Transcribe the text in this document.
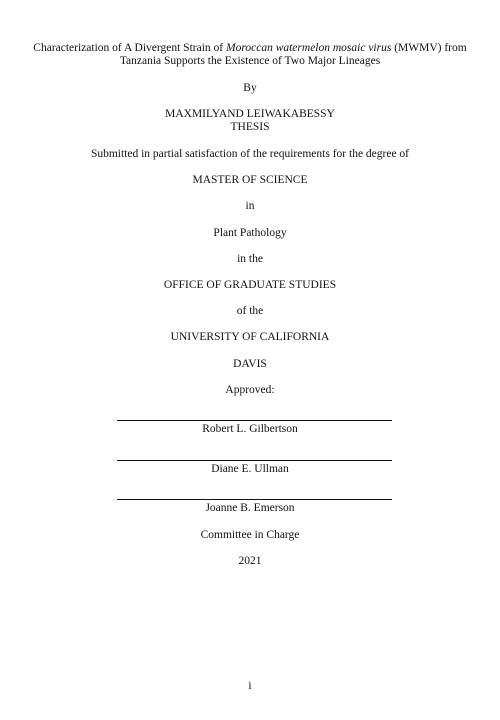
Characterization of A Divergent Strain of Moroccan watermelon mosaic virus (MWMV) from
Tanzania Supports the Existence of Two Major Lineages
By
MAXMILYAND LEIWAKABESSY
THESIS
Submitted in partial satisfaction of the requirements for the degree of
MASTER OF SCIENCE
in
Plant Pathology
in the
OFFICE OF GRADUATE STUDIES
of the
UNIVERSITY OF CALIFORNIA
DAVIS
Approved:
Robert L. Gilbertson
Diane E. Ullman
Joanne B. Emerson
Committee in Charge
2021
i
